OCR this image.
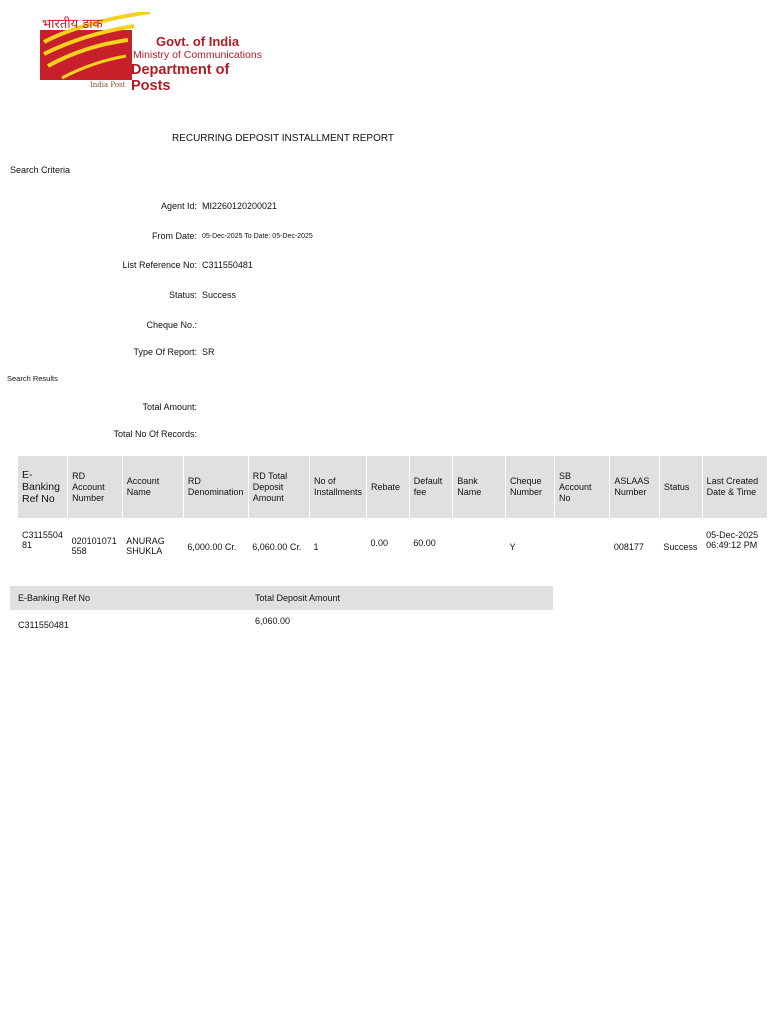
भारतीय डाक
Govt. of India
Ministry of Communications
Department of Posts
India Post
RECURRING DEPOSIT INSTALLMENT REPORT
Search Criteria
Agent Id: MI2260120200021
From Date: 05-Dec-2025 To Date: 05-Dec-2025
List Reference No: C311550481
Status: Success
Cheque No.:
Type Of Report: SR
Search Results
Total Amount:
Total No Of Records:
E-Banking Ref No	RD Account Number	Account Name	RD Denomination	RD Total Deposit Amount	No of Installments	Rebate	Default fee	Bank Name	Cheque Number	SB Account No	ASLAAS Number	Status	Last Created Date & Time
C311550481	020101071558	ANURAG SHUKLA	6,000.00 Cr.	6,060.00 Cr.	1	0.00	60.00		Y		008177	Success	05-Dec-2025 06:49:12 PM
E-Banking Ref No	Total Deposit Amount
C311550481	6,060.00
